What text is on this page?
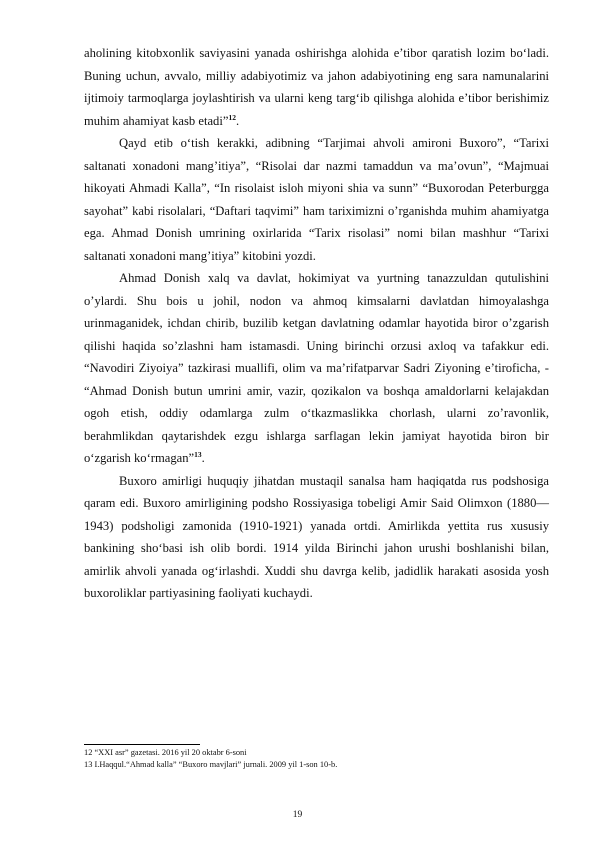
aholining kitobxonlik saviyasini yanada oshirishga alohida e’tibor qaratish lozim bo‘ladi. Buning uchun, avvalo, milliy adabiyotimiz va jahon adabiyotining eng sara namunalarini ijtimoiy tarmoqlarga joylashtirish va ularni keng targ‘ib qilishga alohida e’tibor berishimiz muhim ahamiyat kasb etadi”$^{12}$.

Qayd etib o‘tish kerakki, adibning “Tarjimai ahvoli amironi Buxoro”, “Tarixi saltanati xonadoni mang’itiya”, “Risolai dar nazmi tamaddun va ma’ovun”, “Majmuai hikoyati Ahmadi Kalla”, “In risolaist isloh miyoni shia va sunn” “Buxorodan Peterburgga sayohat” kabi risolalari, “Daftari taqvimi” ham tariximizni o’rganishda muhim ahamiyatga ega. Ahmad Donish umrining oxirlarida “Tarix risolasi” nomi bilan mashhur “Tarixi saltanati xonadoni mang’itiya” kitobini yozdi.

Ahmad Donish xalq va davlat, hokimiyat va yurtning tanazzuldan qutulishini o’ylardi. Shu bois u johil, nodon va ahmoq kimsalarni davlatdan himoyalashga urinmaganidek, ichdan chirib, buzilib ketgan davlatning odamlar hayotida biror o’zgarish qilishi haqida so’zlashni ham istamasdi. Uning birinchi orzusi axloq va tafakkur edi. “Navodiri Ziyoiya” tazkirasi muallifi, olim va ma’rifatparvar Sadri Ziyoning e’tiroficha, - “Ahmad Donish butun umrini amir, vazir, qozikalon va boshqa amaldorlarni kelajakdan ogoh etish, oddiy odamlarga zulm o‘tkazmaslikka chorlash, ularni zo’ravonlik, berahmlikdan qaytarishdek ezgu ishlarga sarflagan lekin jamiyat hayotida biron bir o‘zgarish ko‘rmagan”$^{13}$.

Buxoro amirligi huquqiy jihatdan mustaqil sanalsa ham haqiqatda rus podshosiga qaram edi. Buxoro amirligining podsho Rossiyasiga tobeligi Amir Said Olimxon (1880—1943) podsholigi zamonida (1910-1921) yanada ortdi. Amirlikda yettita rus xususiy bankining sho‘basi ish olib bordi. 1914 yilda Birinchi jahon urushi boshlanishi bilan, amirlik ahvoli yanada og‘irlashdi. Xuddi shu davrga kelib, jadidlik harakati asosida yosh buxoroliklar partiyasining faoliyati kuchaydi.

12 “XXI asr” gazetasi. 2016 yil 20 oktabr 6-soni

13 I.Haqqul.“Ahmad kalla” “Buxoro mavjlari” jurnali. 2009 yil 1-son 10-b.

19
